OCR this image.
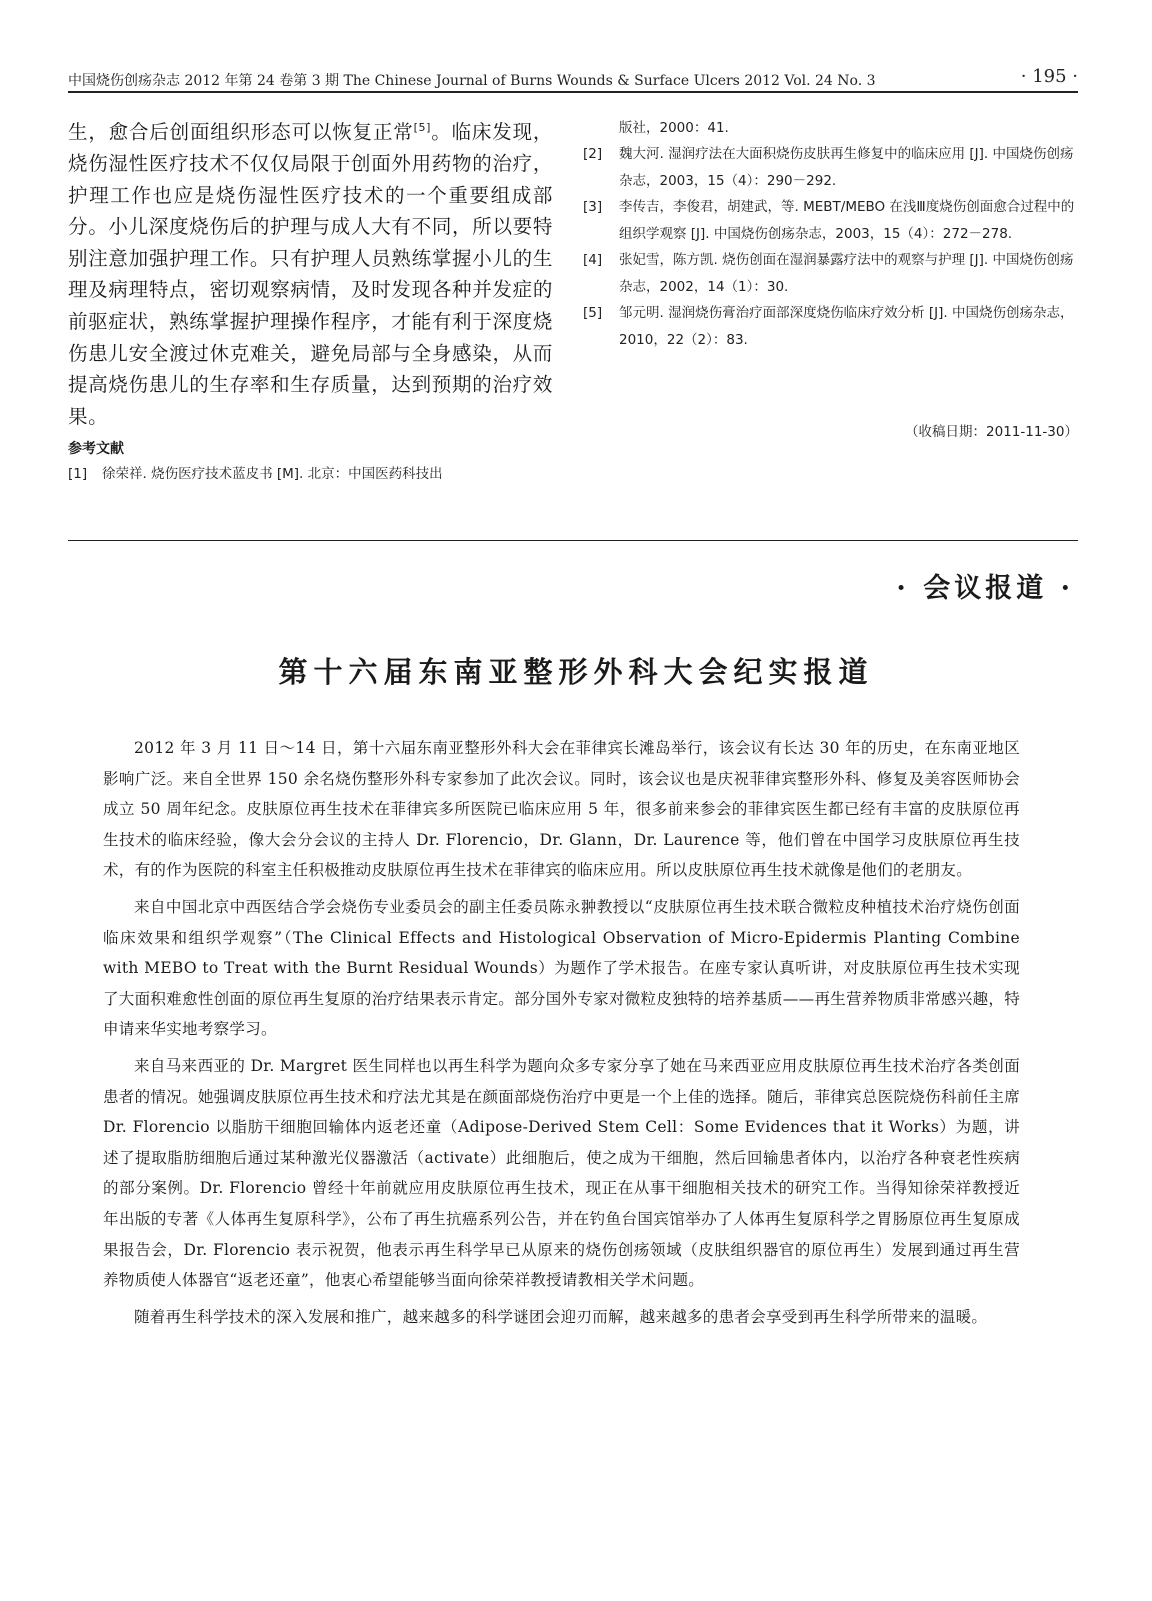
中国烧伤创疡杂志 2012 年第 24 卷第 3 期 The Chinese Journal of Burns Wounds & Surface Ulcers 2012 Vol. 24 No. 3	· 195 ·

生，愈合后创面组织形态可以恢复正常[5]。临床发现，烧伤湿性医疗技术不仅仅局限于创面外用药物的治疗，护理工作也应是烧伤湿性医疗技术的一个重要组成部分。小儿深度烧伤后的护理与成人大有不同，所以要特别注意加强护理工作。只有护理人员熟练掌握小儿的生理及病理特点，密切观察病情，及时发现各种并发症的前驱症状，熟练掌握护理操作程序，才能有利于深度烧伤患儿安全渡过休克难关，避免局部与全身感染，从而提高烧伤患儿的生存率和生存质量，达到预期的治疗效果。

参考文献
[1]	徐荣祥. 烧伤医疗技术蓝皮书 [M]. 北京：中国医药科技出
版社，2000：41.
[2]	魏大河. 湿润疗法在大面积烧伤皮肤再生修复中的临床应用 [J]. 中国烧伤创疡杂志，2003，15（4）：290－292.
[3]	李传吉，李俊君，胡建武，等. MEBT/MEBO 在浅Ⅲ度烧伤创面愈合过程中的组织学观察 [J]. 中国烧伤创疡杂志，2003，15（4）：272－278.
[4]	张妃雪，陈方凯. 烧伤创面在湿润暴露疗法中的观察与护理 [J]. 中国烧伤创疡杂志，2002，14（1）：30.
[5]	邹元明. 湿润烧伤膏治疗面部深度烧伤临床疗效分析 [J]. 中国烧伤创疡杂志，2010，22（2）：83.
（收稿日期：2011-11-30）
· 会议报道 ·
第十六届东南亚整形外科大会纪实报道

2012 年 3 月 11 日～14 日，第十六届东南亚整形外科大会在菲律宾长滩岛举行，该会议有长达 30 年的历史，在东南亚地区影响广泛。来自全世界 150 余名烧伤整形外科专家参加了此次会议。同时，该会议也是庆祝菲律宾整形外科、修复及美容医师协会成立 50 周年纪念。皮肤原位再生技术在菲律宾多所医院已临床应用 5 年，很多前来参会的菲律宾医生都已经有丰富的皮肤原位再生技术的临床经验，像大会分会议的主持人 Dr. Florencio，Dr. Glann，Dr. Laurence 等，他们曾在中国学习皮肤原位再生技术，有的作为医院的科室主任积极推动皮肤原位再生技术在菲律宾的临床应用。所以皮肤原位再生技术就像是他们的老朋友。

来自中国北京中西医结合学会烧伤专业委员会的副主任委员陈永翀教授以“皮肤原位再生技术联合微粒皮种植技术治疗烧伤创面临床效果和组织学观察”（The Clinical Effects and Histological Observation of Micro-Epidermis Planting Combine with MEBO to Treat with the Burnt Residual Wounds）为题作了学术报告。在座专家认真听讲，对皮肤原位再生技术实现了大面积难愈性创面的原位再生复原的治疗结果表示肯定。部分国外专家对微粒皮独特的培养基质——再生营养物质非常感兴趣，特申请来华实地考察学习。

来自马来西亚的 Dr. Margret 医生同样也以再生科学为题向众多专家分享了她在马来西亚应用皮肤原位再生技术治疗各类创面患者的情况。她强调皮肤原位再生技术和疗法尤其是在颜面部烧伤治疗中更是一个上佳的选择。随后，菲律宾总医院烧伤科前任主席 Dr. Florencio 以脂肪干细胞回输体内返老还童（Adipose-Derived Stem Cell：Some Evidences that it Works）为题，讲述了提取脂肪细胞后通过某种激光仪器激活（activate）此细胞后，使之成为干细胞，然后回输患者体内，以治疗各种衰老性疾病的部分案例。Dr. Florencio 曾经十年前就应用皮肤原位再生技术，现正在从事干细胞相关技术的研究工作。当得知徐荣祥教授近年出版的专著《人体再生复原科学》，公布了再生抗癌系列公告，并在钓鱼台国宾馆举办了人体再生复原科学之胃肠原位再生复原成果报告会，Dr. Florencio 表示祝贺，他表示再生科学早已从原来的烧伤创疡领域（皮肤组织器官的原位再生）发展到通过再生营养物质使人体器官“返老还童”，他衷心希望能够当面向徐荣祥教授请教相关学术问题。

随着再生科学技术的深入发展和推广，越来越多的科学谜团会迎刃而解，越来越多的患者会享受到再生科学所带来的温暖。
